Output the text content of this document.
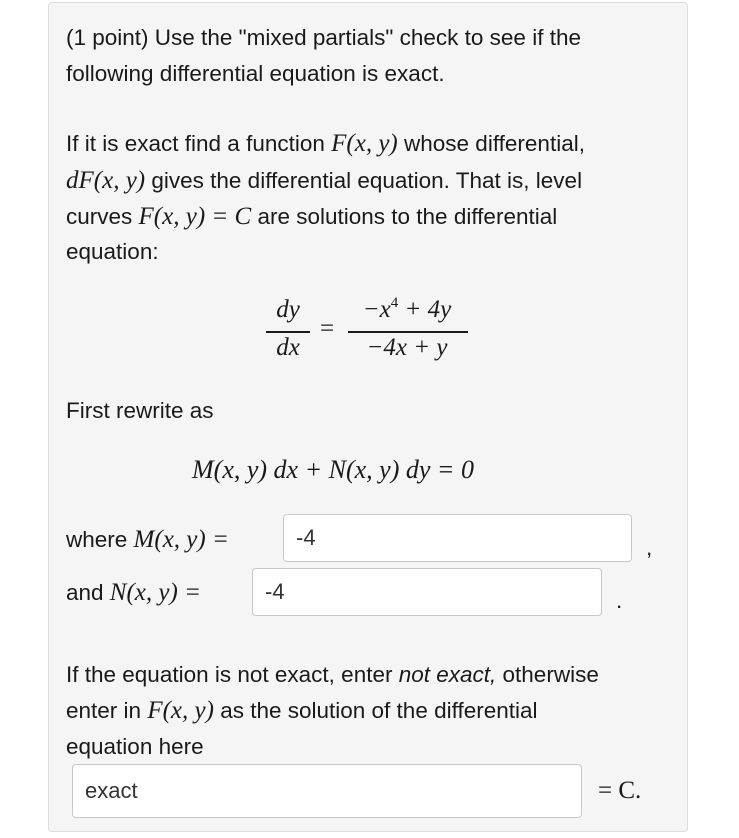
(1 point) Use the "mixed partials" check to see if the
following differential equation is exact.
If it is exact find a function F(x, y) whose differential,
dF(x, y) gives the differential equation. That is, level
curves F(x, y) = C are solutions to the differential
equation:
dy
dx
=
$-x^4 + 4y$
−4x + y
First rewrite as
M(x, y) dx + N(x, y) dy = 0
where M(x, y) =	-4	,
and N(x, y) =	-4	.
If the equation is not exact, enter not exact, otherwise
enter in F(x, y) as the solution of the differential
equation here
exact	= C.
